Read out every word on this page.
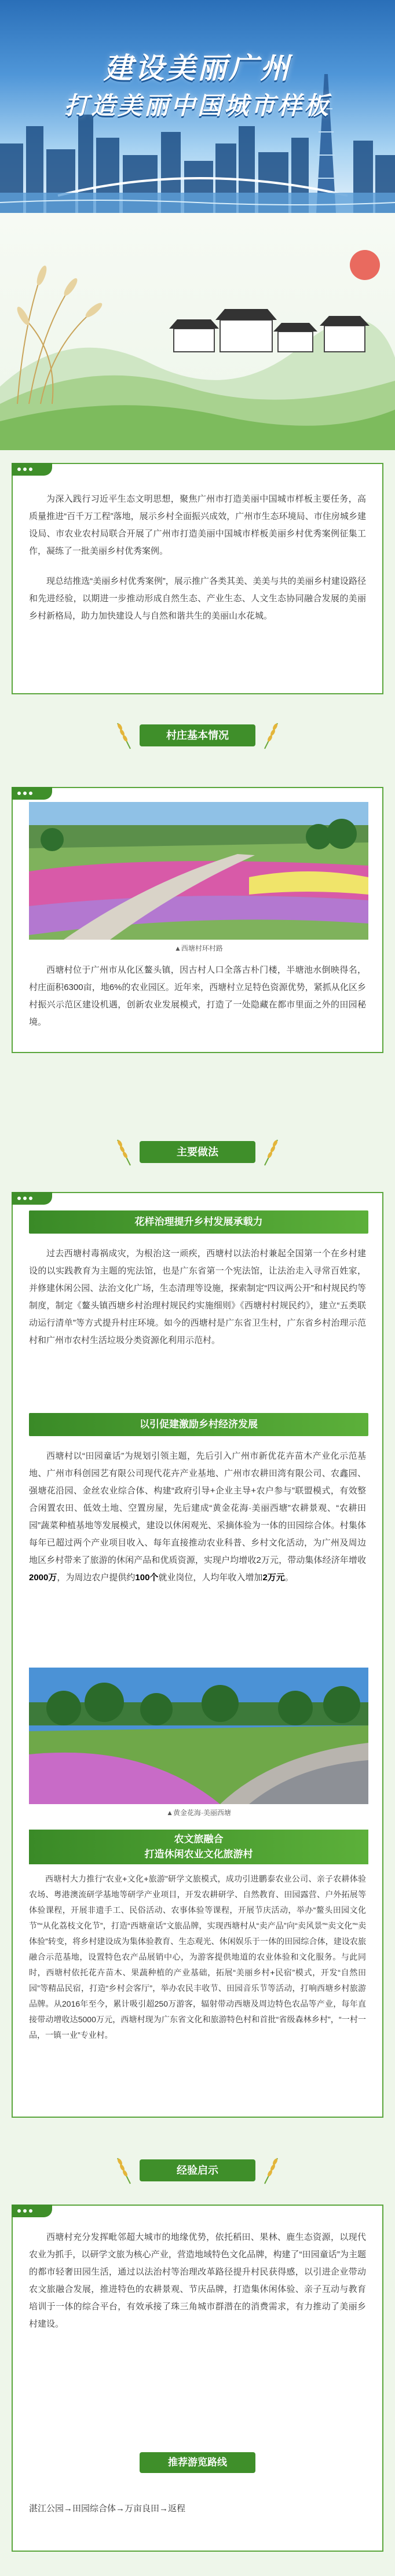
建设美丽广州
打造美丽中国城市样板

为深入践行习近平生态文明思想，聚焦广州市打造美丽中国城市样板主要任务，高质量推进“百千万工程”落地，展示乡村全面振兴成效，广州市生态环境局、市住房城乡建设局、市农业农村局联合开展了广州市打造美丽中国城市样板美丽乡村优秀案例征集工作，凝练了一批美丽乡村优秀案例。

现总结推选“美丽乡村优秀案例”，展示推广各类其美、美美与共的美丽乡村建设路径和先进经验，以期进一步推动形成自然生态、产业生态、人文生态协同融合发展的美丽乡村新格局，助力加快建设人与自然和谐共生的美丽山水花城。

村庄基本情况
▲西塘村环村路

西塘村位于广州市从化区鳌头镇，因古村人口全落古朴门楼，半塘池水倒映得名，村庄面积6300亩，地6%的农业园区。近年来，西塘村立足特色资源优势，紧抓从化区乡村振兴示范区建设机遇，创新农业发展模式，打造了一处隐藏在都市里面之外的田园秘境。

主要做法
花样治理提升乡村发展承载力

过去西塘村毒祸成灾，为根治这一顽疾，西塘村以法治村兼起全国第一个在乡村建设的以实践教育为主题的宪法馆，也是广东省第一个宪法馆，让法治走入寻常百姓家，并修建休闲公园、法治文化广场，生态清理等设施，探索制定“四议两公开”和村规民约等制度，制定《鳌头镇西塘乡村治理村规民约实施细则》《西塘村村规民约》，建立“五类联动运行清单”等方式提升村庄环境。如今的西塘村是广东省卫生村，广东省乡村治理示范村和广州市农村生活垃圾分类资源化利用示范村。

以引促建激励乡村经济发展

西塘村以“田园童话”为规划引领主题，先后引入广州市新优花卉苗木产业化示范基地、广州市科创园艺有限公司现代花卉产业基地、广州市农耕田湾有限公司、农鑫园、强塘花沿园、金丝农业综合体、构建“政府引导+企业主导+农户参与”联盟模式，有效整合闲置农田、低效土地、空置房屋，先后建成“黄金花海·美丽西塘”农耕景观、“农耕田园”蔬菜种植基地等发展模式，建设以休闲观光、采摘体验为一体的田园综合体。村集体每年已超过两个产业项目收入、每年直接推动农业科普、乡村文化活动，为广州及周边地区乡村带来了旅游的休闲产品和优质资源，实现户均增收2万元，带动集体经济年增收2000万，为周边农户提供约100个就业岗位，人均年收入增加2万元。

▲黄金花海·美丽西塘
农文旅融合
打造休闲农业文化旅游村

西塘村大力推行“农业+文化+旅游”研学文旅模式，成功引进鹏泰农业公司、亲子农耕体验农场、粤港澳流研学基地等研学产业项目，开发农耕研学、自然教育、田园露营、户外拓展等体验课程，开展非遗手工、民俗活动、农事体验等课程，开展节庆活动，举办“鳌头田园文化节”“从化荔枝文化节”，打造“西塘童话”文旅品牌，实现西塘村从“卖产品”向“卖风景”“卖文化”“卖体验”转变，将乡村建设成为集体验教育、生态观光、休闲娱乐于一体的田园综合体，建设农旅融合示范基地，设置特色农产品展销中心，为游客提供地道的农业体验和文化服务。与此同时，西塘村依托花卉苗木、果蔬种植的产业基础，拓展“美丽乡村+民宿”模式，开发“自然田园”等精品民宿，打造“乡村会客厅”，举办农民丰收节、田园音乐节等活动，打响西塘乡村旅游品牌。从2016年至今，累计吸引超250万游客，辐射带动西塘及周边特色农品等产业，每年直接带动增收达5000万元，西塘村现为广东省文化和旅游特色村和首批“省级森林乡村”，“一村一品，一镇一业”专业村。

经验启示

西塘村充分发挥毗邻超大城市的地缘优势，依托稻田、果林、鹿生态资源，以现代农业为抓手，以研学文旅为核心产业，营造地域特色文化品牌，构建了“田园童话”为主题的都市轻奢田园生活，通过以法治村等治理改革路径提升村民获得感，以引进企业带动农文旅融合发展，推进特色的农耕景观、节庆品牌，打造集休闲体验、亲子互动与教育培训于一体的综合平台，有效承接了珠三角城市群潜在的消费需求，有力推动了美丽乡村建设。

推荐游览路线
湛江公园→田园综合体→万亩良田→返程
